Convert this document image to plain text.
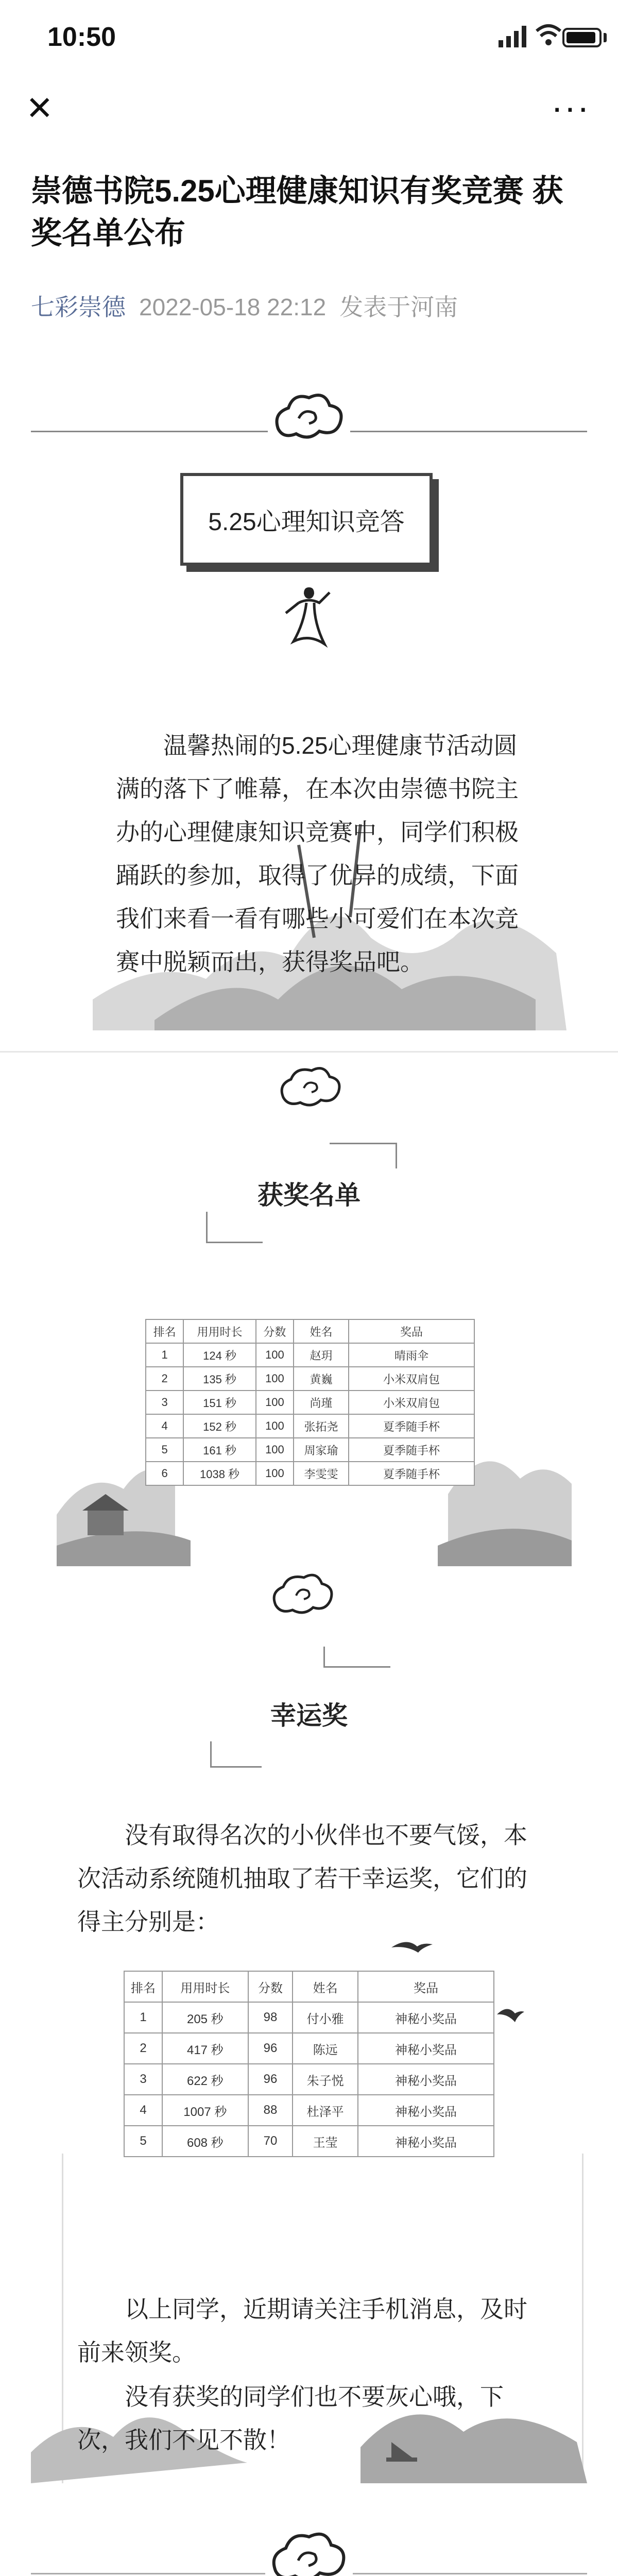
10:50
✕	···
崇德书院5.25心理健康知识有奖竞赛 获奖名单公布
七彩崇德 2022-05-18 22:12 发表于河南
5.25心理知识竞答
温馨热闹的5.25心理健康节活动圆满的落下了帷幕，在本次由崇德书院主办的心理健康知识竞赛中，同学们积极踊跃的参加，取得了优异的成绩，下面我们来看一看有哪些小可爱们在本次竞赛中脱颖而出，获得奖品吧。
获奖名单
排名	用用时长	分数	姓名	奖品
1	124 秒	100	赵玥	晴雨伞
2	135 秒	100	黄巍	小米双肩包
3	151 秒	100	尚瑾	小米双肩包
4	152 秒	100	张拓尧	夏季随手杯
5	161 秒	100	周家瑜	夏季随手杯
6	1038 秒	100	李雯雯	夏季随手杯
幸运奖
没有取得名次的小伙伴也不要气馁，本次活动系统随机抽取了若干幸运奖，它们的得主分别是：
排名	用用时长	分数	姓名	奖品
1	205 秒	98	付小雅	神秘小奖品
2	417 秒	96	陈远	神秘小奖品
3	622 秒	96	朱子悦	神秘小奖品
4	1007 秒	88	杜泽平	神秘小奖品
5	608 秒	70	王莹	神秘小奖品
以上同学，近期请关注手机消息，及时前来领奖。
没有获奖的同学们也不要灰心哦，下次，我们不见不散！
